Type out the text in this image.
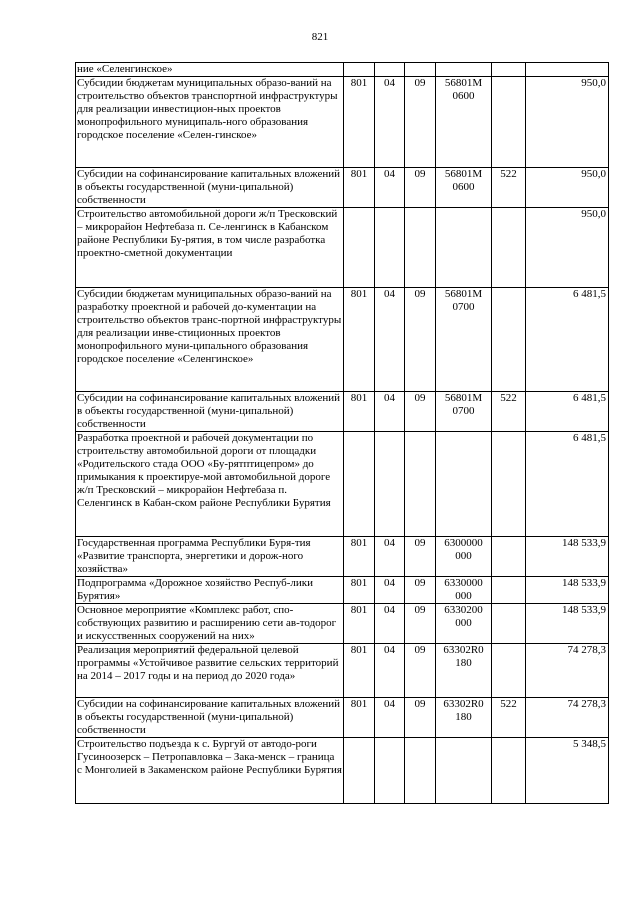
821
ние «Селенгинское»						
Субсидии бюджетам муниципальных образо-ваний на строительство объектов транспортной инфраструктуры для реализации инвестицион-ных проектов монопрофильного муниципаль-ного образования городское поселение «Селен-гинское»	801	04	09	56801М 0600		950,0
Субсидии на софинансирование капитальных вложений в объекты государственной (муни-ципальной) собственности	801	04	09	56801М 0600	522	950,0
Строительство автомобильной дороги ж/п Тресковский – микрорайон Нефтебаза п. Се-ленгинск в Кабанском районе Республики Бу-рятия, в том числе разработка проектно-сметной документации						950,0
Субсидии бюджетам муниципальных образо-ваний на разработку проектной и рабочей до-кументации на строительство объектов транс-портной инфраструктуры для реализации инве-стиционных проектов монопрофильного муни-ципального образования городское поселение «Селенгинское»	801	04	09	56801М 0700		6 481,5
Субсидии на софинансирование капитальных вложений в объекты государственной (муни-ципальной) собственности	801	04	09	56801М 0700	522	6 481,5
Разработка проектной и рабочей документации по строительству автомобильной дороги от площадки «Родительского стада ООО «Бу-рятптицепром» до примыкания к проектируе-мой автомобильной дороге ж/п Тресковский – микрорайон Нефтебаза п. Селенгинск в Кабан-ском районе Республики Бурятия						6 481,5
Государственная программа Республики Буря-тия «Развитие транспорта, энергетики и дорож-ного хозяйства»	801	04	09	6300000 000		148 533,9
Подпрограмма «Дорожное хозяйство Респуб-лики Бурятия»	801	04	09	6330000 000		148 533,9
Основное мероприятие «Комплекс работ, спо-собствующих развитию и расширению сети ав-тодорог и искусственных сооружений на них»	801	04	09	6330200 000		148 533,9
Реализация мероприятий федеральной целевой программы «Устойчивое развитие сельских территорий на 2014 – 2017 годы и на период до 2020 года»	801	04	09	63302R0 180		74 278,3
Субсидии на софинансирование капитальных вложений в объекты государственной (муни-ципальной) собственности	801	04	09	63302R0 180	522	74 278,3
Строительство подъезда к с. Бургуй от автодо-роги Гусиноозерск – Петропавловка – Зака-менск – граница с Монголией в Закаменском районе Республики Бурятия						5 348,5
